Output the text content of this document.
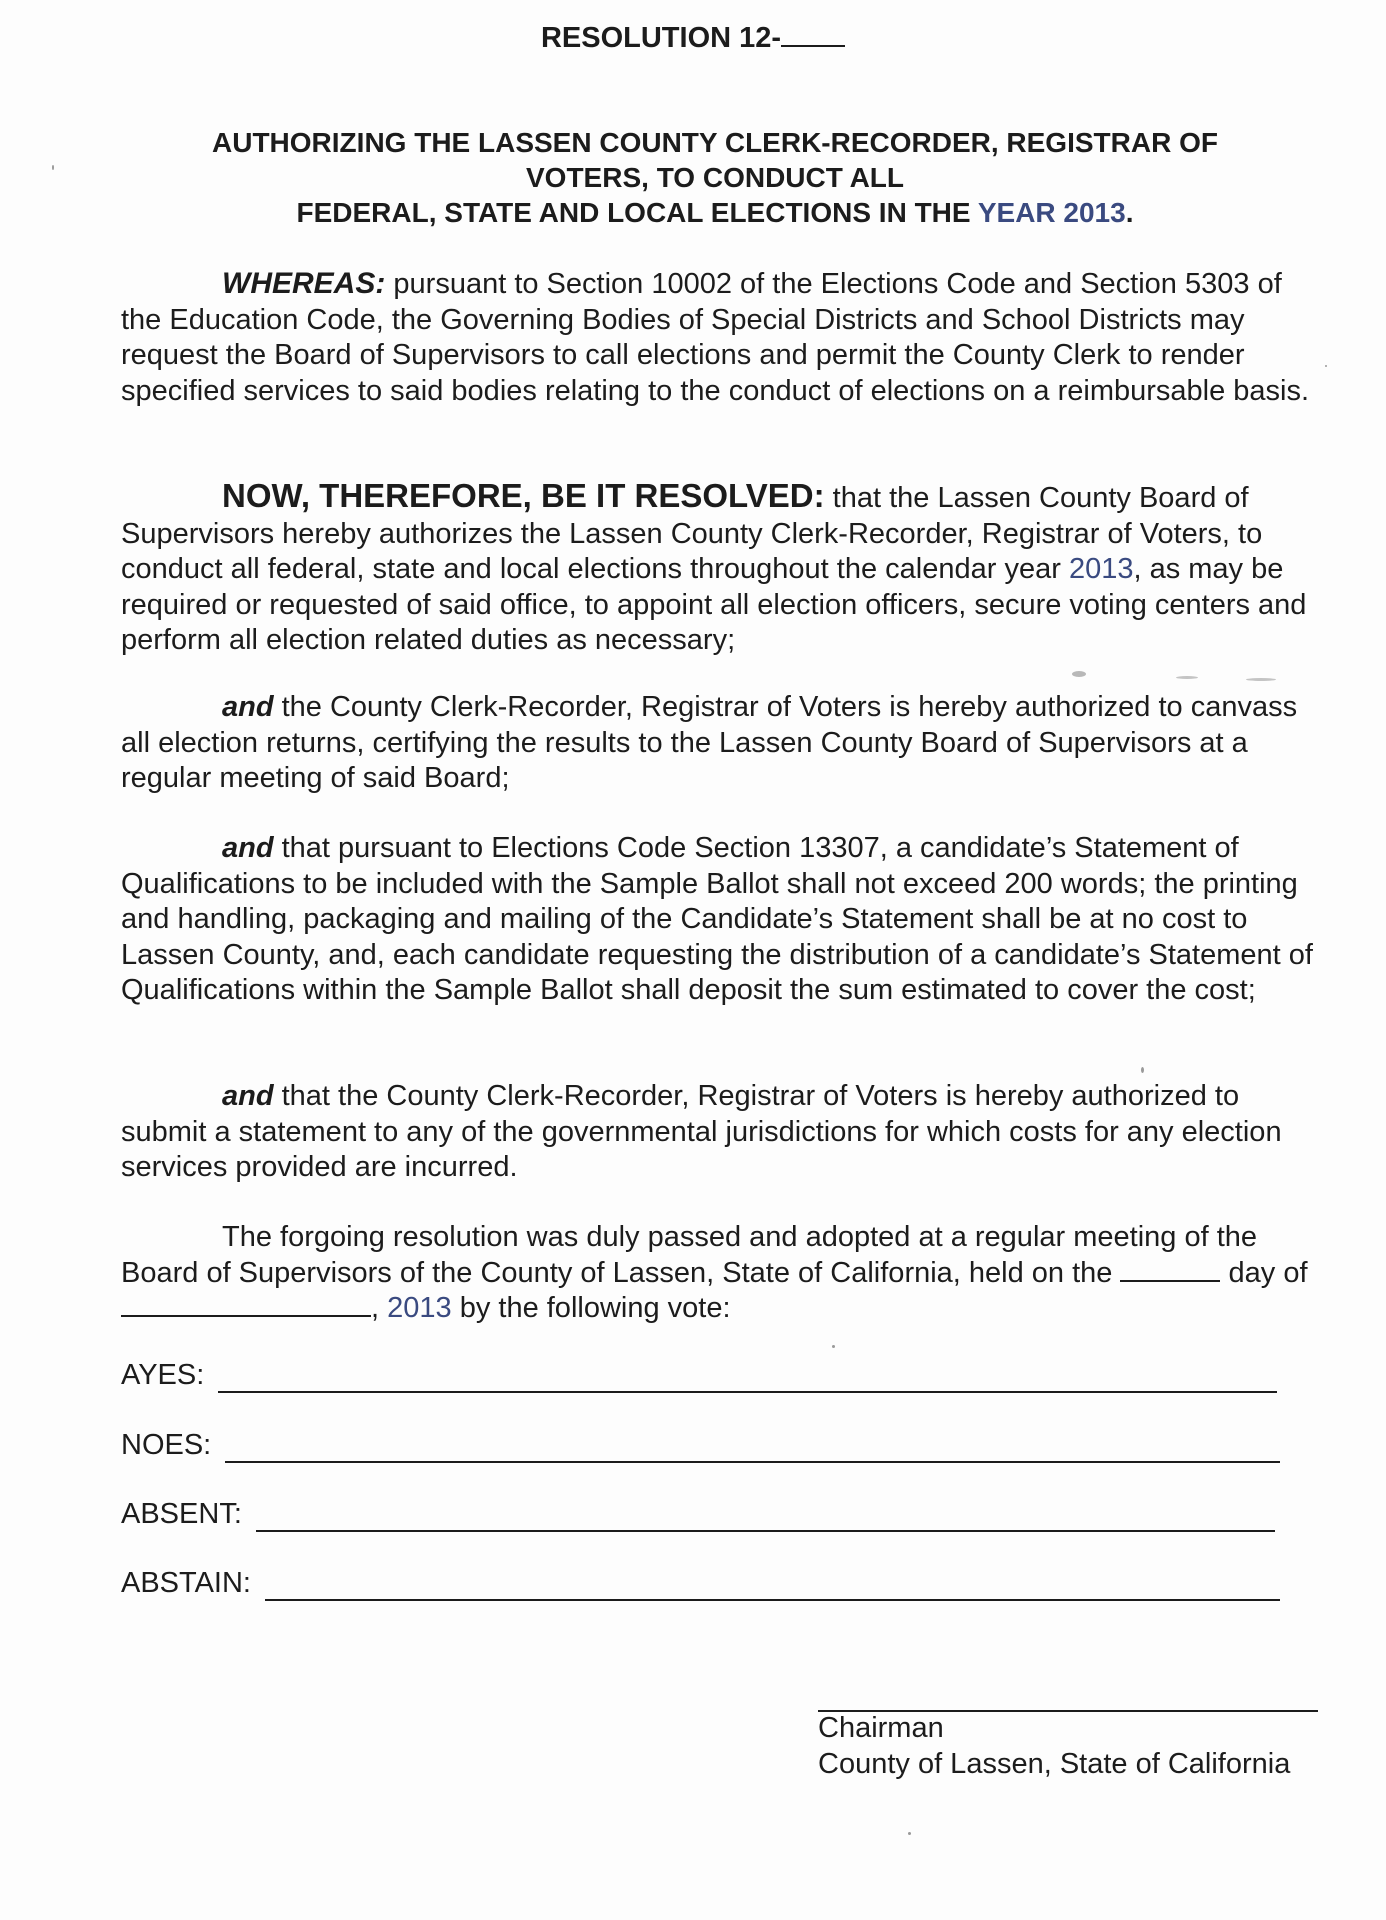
RESOLUTION 12-
AUTHORIZING THE LASSEN COUNTY CLERK-RECORDER, REGISTRAR OF
VOTERS, TO CONDUCT ALL
FEDERAL, STATE AND LOCAL ELECTIONS IN THE YEAR 2013.
WHEREAS: pursuant to Section 10002 of the Elections Code and Section 5303 of the Education Code, the Governing Bodies of Special Districts and School Districts may request the Board of Supervisors to call elections and permit the County Clerk to render specified services to said bodies relating to the conduct of elections on a reimbursable basis.
NOW, THEREFORE, BE IT RESOLVED: that the Lassen County Board of Supervisors hereby authorizes the Lassen County Clerk-Recorder, Registrar of Voters, to conduct all federal, state and local elections throughout the calendar year 2013, as may be required or requested of said office, to appoint all election officers, secure voting centers and perform all election related duties as necessary;
and the County Clerk-Recorder, Registrar of Voters is hereby authorized to canvass all election returns, certifying the results to the Lassen County Board of Supervisors at a regular meeting of said Board;
and that pursuant to Elections Code Section 13307, a candidate’s Statement of Qualifications to be included with the Sample Ballot shall not exceed 200 words; the printing and handling, packaging and mailing of the Candidate’s Statement shall be at no cost to Lassen County, and, each candidate requesting the distribution of a candidate’s Statement of Qualifications within the Sample Ballot shall deposit the sum estimated to cover the cost;
and that the County Clerk-Recorder, Registrar of Voters is hereby authorized to submit a statement to any of the governmental jurisdictions for which costs for any election services provided are incurred.
The forgoing resolution was duly passed and adopted at a regular meeting of the Board of Supervisors of the County of Lassen, State of California, held on the	day of , 2013 by the following vote:
AYES:
NOES:
ABSENT:
ABSTAIN:
Chairman
County of Lassen, State of California
